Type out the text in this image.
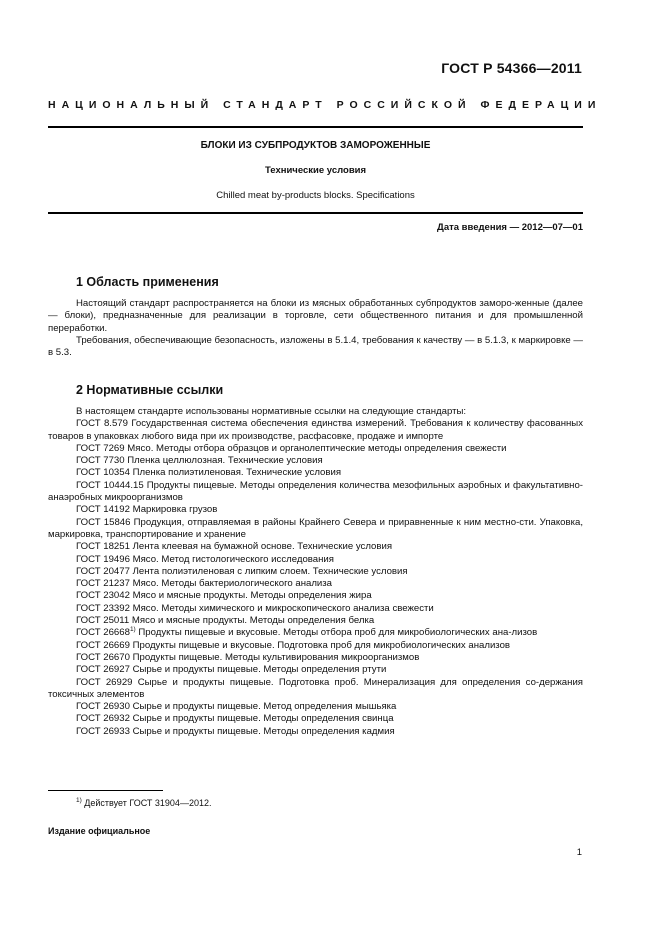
ГОСТ Р 54366—2011
НАЦИОНАЛЬНЫЙ СТАНДАРТ РОССИЙСКОЙ ФЕДЕРАЦИИ
БЛОКИ ИЗ СУБПРОДУКТОВ ЗАМОРОЖЕННЫЕ
Технические условия
Chilled meat by-products blocks. Specifications
Дата введения — 2012—07—01
1 Область применения

Настоящий стандарт распространяется на блоки из мясных обработанных субпродуктов заморо-женные (далее — блоки), предназначенные для реализации в торговле, сети общественного питания и для промышленной переработки.

Требования, обеспечивающие безопасность, изложены в 5.1.4, требования к качеству — в 5.1.3, к маркировке — в 5.3.

2 Нормативные ссылки

В настоящем стандарте использованы нормативные ссылки на следующие стандарты:

ГОСТ 8.579 Государственная система обеспечения единства измерений. Требования к количеству фасованных товаров в упаковках любого вида при их производстве, расфасовке, продаже и импорте

ГОСТ 7269 Мясо. Методы отбора образцов и органолептические методы определения свежести

ГОСТ 7730 Пленка целлюлозная. Технические условия

ГОСТ 10354 Пленка полиэтиленовая. Технические условия

ГОСТ 10444.15 Продукты пищевые. Методы определения количества мезофильных аэробных и факультативно-анаэробных микроорганизмов

ГОСТ 14192 Маркировка грузов

ГОСТ 15846 Продукция, отправляемая в районы Крайнего Севера и приравненные к ним местно-сти. Упаковка, маркировка, транспортирование и хранение

ГОСТ 18251 Лента клеевая на бумажной основе. Технические условия

ГОСТ 19496 Мясо. Метод гистологического исследования

ГОСТ 20477 Лента полиэтиленовая с липким слоем. Технические условия

ГОСТ 21237 Мясо. Методы бактериологического анализа

ГОСТ 23042 Мясо и мясные продукты. Методы определения жира

ГОСТ 23392 Мясо. Методы химического и микроскопического анализа свежести

ГОСТ 25011 Мясо и мясные продукты. Методы определения белка

ГОСТ 26668$^{1)}$ Продукты пищевые и вкусовые. Методы отбора проб для микробиологических ана-лизов

ГОСТ 26669 Продукты пищевые и вкусовые. Подготовка проб для микробиологических анализов

ГОСТ 26670 Продукты пищевые. Методы культивирования микроорганизмов

ГОСТ 26927 Сырье и продукты пищевые. Методы определения ртути

ГОСТ 26929 Сырье и продукты пищевые. Подготовка проб. Минерализация для определения со-держания токсичных элементов

ГОСТ 26930 Сырье и продукты пищевые. Метод определения мышьяка

ГОСТ 26932 Сырье и продукты пищевые. Методы определения свинца

ГОСТ 26933 Сырье и продукты пищевые. Методы определения кадмия

$^{1)}$ Действует ГОСТ 31904—2012.
Издание официальное
1
